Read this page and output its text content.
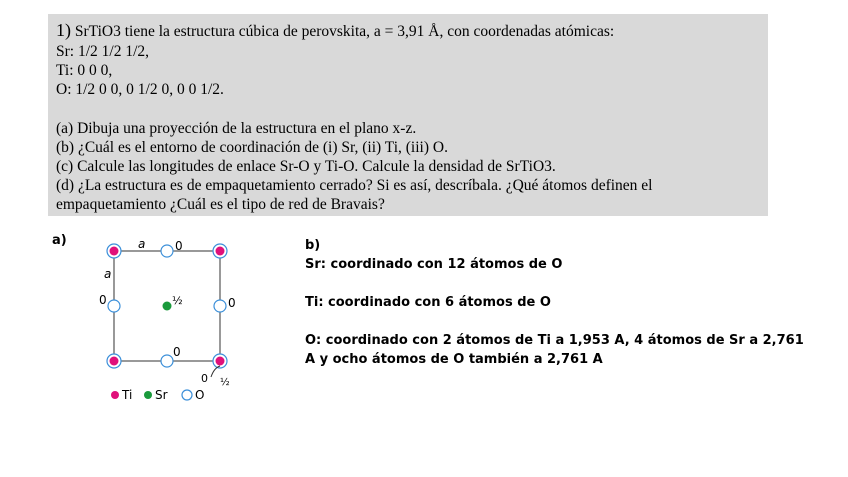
1) SrTiO3 tiene la estructura cúbica de perovskita, a = 3,91 Å, con coordenadas atómicas:
Sr: 1/2 1/2 1/2,
Ti: 0 0 0,
O: 1/2 0 0, 0 1/2 0, 0 0 1/2.
(a) Dibuja una proyección de la estructura en el plano x-z.
(b) ¿Cuál es el entorno de coordinación de (i) Sr, (ii) Ti, (iii) O.
(c) Calcule las longitudes de enlace Sr-O y Ti-O. Calcule la densidad de SrTiO3.
(d) ¿La estructura es de empaquetamiento cerrado? Si es así, descríbala. ¿Qué átomos definen el
empaquetamiento ¿Cuál es el tipo de red de Bravais?
a)	a
a
0
0	0
0
½
0 ½
Ti Sr O
b)
Sr: coordinado con 12 átomos de O
Ti: coordinado con 6 átomos de O
O: coordinado con 2 átomos de Ti a 1,953 A, 4 átomos de Sr a 2,761
A y ocho átomos de O también a 2,761 A
